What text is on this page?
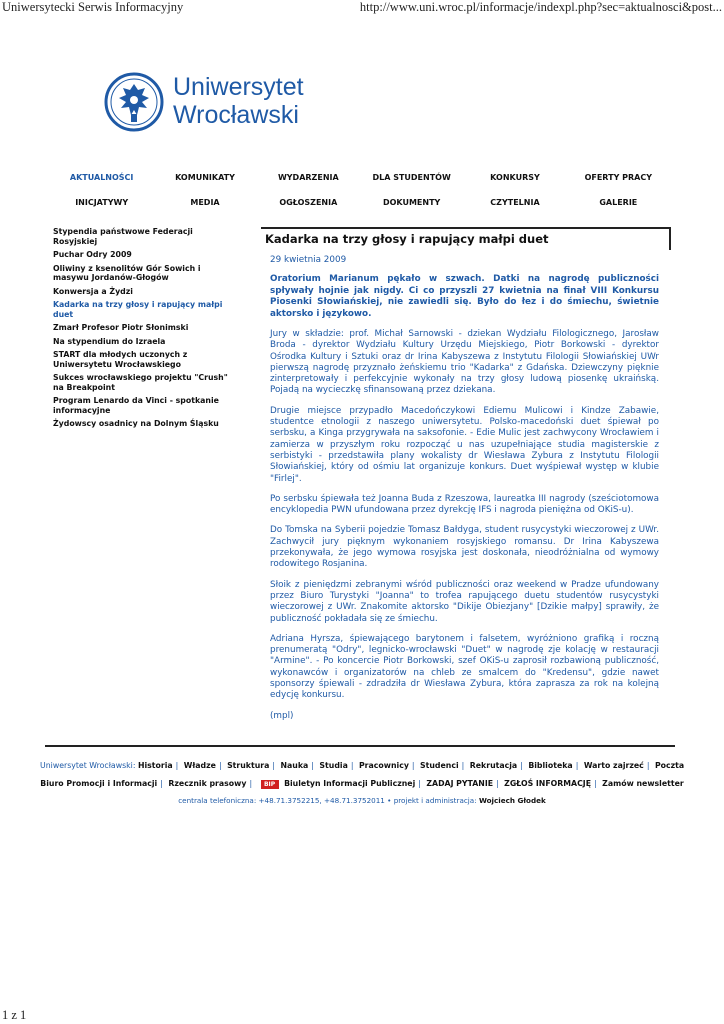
Uniwersytecki Serwis Informacyjny	http://www.uni.wroc.pl/informacje/indexpl.php?sec=aktualnosci&post...
Uniwersytet
Wrocławski
AKTUALNOŚCI	KOMUNIKATY	WYDARZENIA	DLA STUDENTÓW	KONKURSY	OFERTY PRACY
INICJATYWY	MEDIA	OGŁOSZENIA	DOKUMENTY	CZYTELNIA	GALERIE
Stypendia państwowe Federacji Rosyjskiej
Puchar Odry 2009
Oliwiny z ksenolitów Gór Sowich i masywu Jordanów-Głogów
Konwersja a Żydzi
Kadarka na trzy głosy i rapujący małpi duet
Zmarł Profesor Piotr Słonimski
Na stypendium do Izraela
START dla młodych uczonych z Uniwersytetu Wrocławskiego
Sukces wrocławskiego projektu "Crush" na Breakpoint
Program Lenardo da Vinci - spotkanie informacyjne
Żydowscy osadnicy na Dolnym Śląsku
Kadarka na trzy głosy i rapujący małpi duet
29 kwietnia 2009

Oratorium Marianum pękało w szwach. Datki na nagrodę publiczności spływały hojnie jak nigdy. Ci co przyszli 27 kwietnia na finał VIII Konkursu Piosenki Słowiańskiej, nie zawiedli się. Było do łez i do śmiechu, świetnie aktorsko i językowo.

Jury w składzie: prof. Michał Sarnowski - dziekan Wydziału Filologicznego, Jarosław Broda - dyrektor Wydziału Kultury Urzędu Miejskiego, Piotr Borkowski - dyrektor Ośrodka Kultury i Sztuki oraz dr Irina Kabyszewa z Instytutu Filologii Słowiańskiej UWr pierwszą nagrodę przyznało żeńskiemu trio "Kadarka" z Gdańska. Dziewczyny pięknie zinterpretowały i perfekcyjnie wykonały na trzy głosy ludową piosenkę ukraińską. Pojadą na wycieczkę sfinansowaną przez dziekana.

Drugie miejsce przypadło Macedończykowi Ediemu Mulicowi i Kindze Zabawie, studentce etnologii z naszego uniwersytetu. Polsko-macedoński duet śpiewał po serbsku, a Kinga przygrywała na saksofonie. - Edie Mulic jest zachwycony Wrocławiem i zamierza w przyszłym roku rozpocząć u nas uzupełniające studia magisterskie z serbistyki - przedstawiła plany wokalisty dr Wiesława Zybura z Instytutu Filologii Słowiańskiej, który od ośmiu lat organizuje konkurs. Duet wyśpiewał występ w klubie "Firlej".

Po serbsku śpiewała też Joanna Buda z Rzeszowa, laureatka III nagrody (sześciotomowa encyklopedia PWN ufundowana przez dyrekcję IFS i nagroda pieniężna od OKiS-u).

Do Tomska na Syberii pojedzie Tomasz Bałdyga, student rusycystyki wieczorowej z UWr. Zachwycił jury pięknym wykonaniem rosyjskiego romansu. Dr Irina Kabyszewa przekonywała, że jego wymowa rosyjska jest doskonała, nieodróżnialna od wymowy rodowitego Rosjanina.

Słoik z pieniędzmi zebranymi wśród publiczności oraz weekend w Pradze ufundowany przez Biuro Turystyki "Joanna" to trofea rapującego duetu studentów rusycystyki wieczorowej z UWr. Znakomite aktorsko "Dikije Obiezjany" [Dzikie małpy] sprawiły, że publiczność pokładała się ze śmiechu.

Adriana Hyrsza, śpiewającego barytonem i falsetem, wyróżniono grafiką i roczną prenumeratą "Odry", legnicko-wrocławski "Duet" w nagrodę zje kolację w restauracji "Armine". - Po koncercie Piotr Borkowski, szef OKiS-u zaprosił rozbawioną publiczność, wykonawców i organizatorów na chleb ze smalcem do "Kredensu", gdzie nawet sponsorzy śpiewali - zdradziła dr Wiesława Zybura, która zaprasza za rok na kolejną edycję konkursu.

(mpl)

Uniwersytet Wrocławski: Historia | Władze | Struktura | Nauka | Studia | Pracownicy | Studenci | Rekrutacja | Biblioteka | Warto zajrzeć | Poczta
Biuro Promocji i Informacji | Rzecznik prasowy | BIP Biuletyn Informacji Publicznej | ZADAJ PYTANIE | ZGŁOŚ INFORMACJĘ | Zamów newsletter
centrala telefoniczna: +48.71.3752215, +48.71.3752011 • projekt i administracja: Wojciech Głodek
1 z 1
